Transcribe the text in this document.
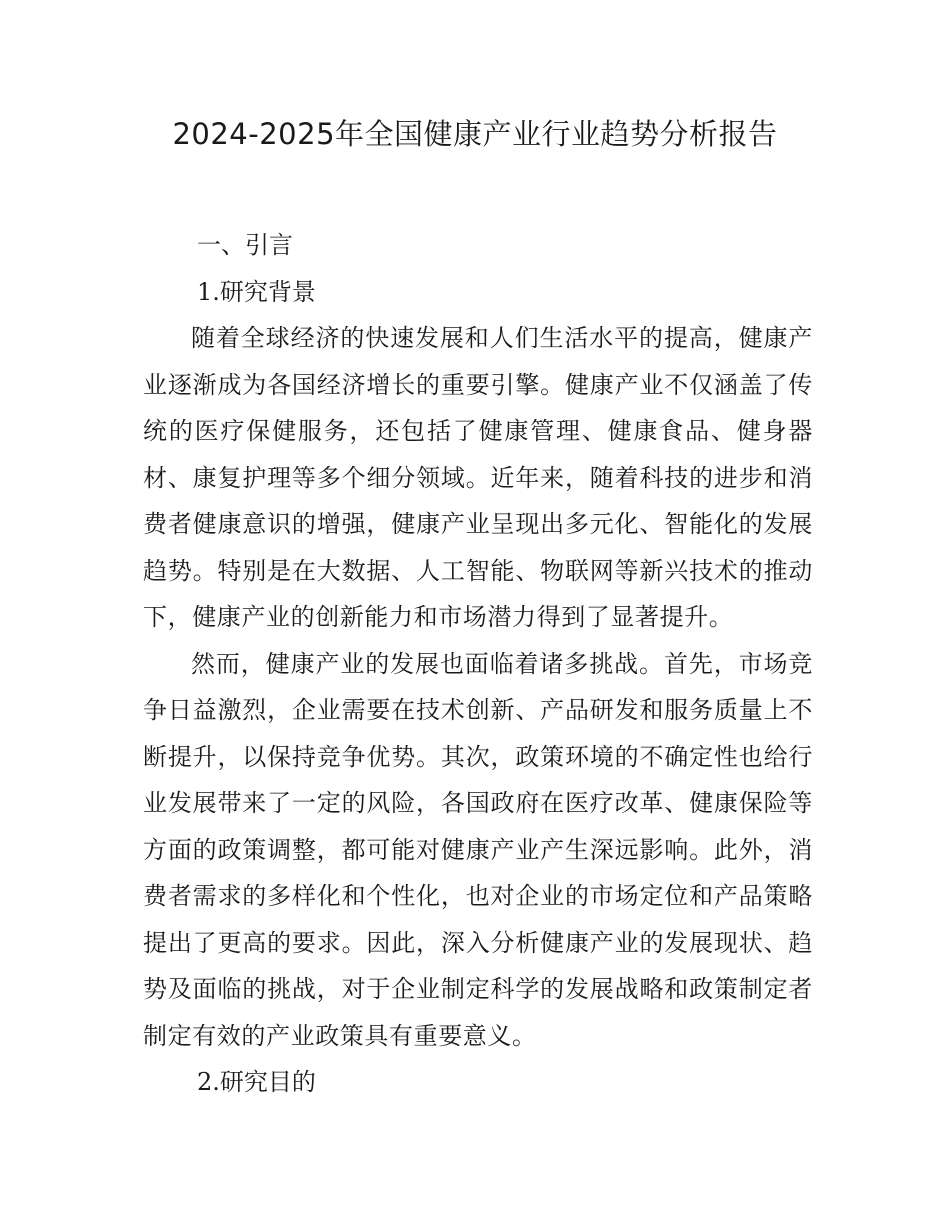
2024-2025年全国健康产业行业趋势分析报告
一、引言
1.研究背景

随着全球经济的快速发展和人们生活水平的提高，健康产业逐渐成为各国经济增长的重要引擎。健康产业不仅涵盖了传统的医疗保健服务，还包括了健康管理、健康食品、健身器材、康复护理等多个细分领域。近年来，随着科技的进步和消费者健康意识的增强，健康产业呈现出多元化、智能化的发展趋势。特别是在大数据、人工智能、物联网等新兴技术的推动下，健康产业的创新能力和市场潜力得到了显著提升。

然而，健康产业的发展也面临着诸多挑战。首先，市场竞争日益激烈，企业需要在技术创新、产品研发和服务质量上不断提升，以保持竞争优势。其次，政策环境的不确定性也给行业发展带来了一定的风险，各国政府在医疗改革、健康保险等方面的政策调整，都可能对健康产业产生深远影响。此外，消费者需求的多样化和个性化，也对企业的市场定位和产品策略提出了更高的要求。因此，深入分析健康产业的发展现状、趋势及面临的挑战，对于企业制定科学的发展战略和政策制定者制定有效的产业政策具有重要意义。

2.研究目的
